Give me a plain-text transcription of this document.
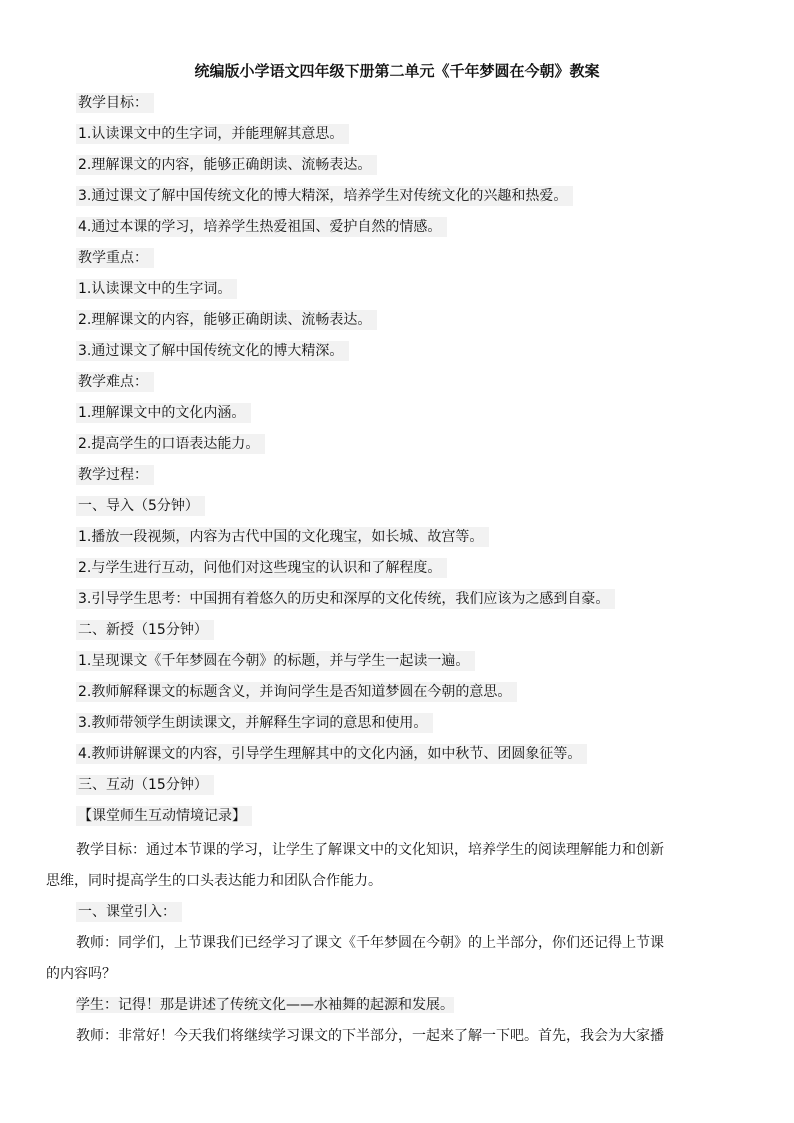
统编版小学语文四年级下册第二单元《千年梦圆在今朝》教案
教学目标：
1.认读课文中的生字词，并能理解其意思。
2.理解课文的内容，能够正确朗读、流畅表达。
3.通过课文了解中国传统文化的博大精深，培养学生对传统文化的兴趣和热爱。
4.通过本课的学习，培养学生热爱祖国、爱护自然的情感。
教学重点：
1.认读课文中的生字词。
2.理解课文的内容，能够正确朗读、流畅表达。
3.通过课文了解中国传统文化的博大精深。
教学难点：
1.理解课文中的文化内涵。
2.提高学生的口语表达能力。
教学过程：
一、导入（5分钟）
1.播放一段视频，内容为古代中国的文化瑰宝，如长城、故宫等。
2.与学生进行互动，问他们对这些瑰宝的认识和了解程度。
3.引导学生思考：中国拥有着悠久的历史和深厚的文化传统，我们应该为之感到自豪。
二、新授（15分钟）
1.呈现课文《千年梦圆在今朝》的标题，并与学生一起读一遍。
2.教师解释课文的标题含义，并询问学生是否知道梦圆在今朝的意思。
3.教师带领学生朗读课文，并解释生字词的意思和使用。
4.教师讲解课文的内容，引导学生理解其中的文化内涵，如中秋节、团圆象征等。
三、互动（15分钟）
【课堂师生互动情境记录】
教学目标：通过本节课的学习，让学生了解课文中的文化知识，培养学生的阅读理解能力和创新
思维，同时提高学生的口头表达能力和团队合作能力。
一、课堂引入：
教师：同学们，上节课我们已经学习了课文《千年梦圆在今朝》的上半部分，你们还记得上节课
的内容吗？
学生：记得！那是讲述了传统文化——水袖舞的起源和发展。
教师：非常好！今天我们将继续学习课文的下半部分，一起来了解一下吧。首先，我会为大家播
